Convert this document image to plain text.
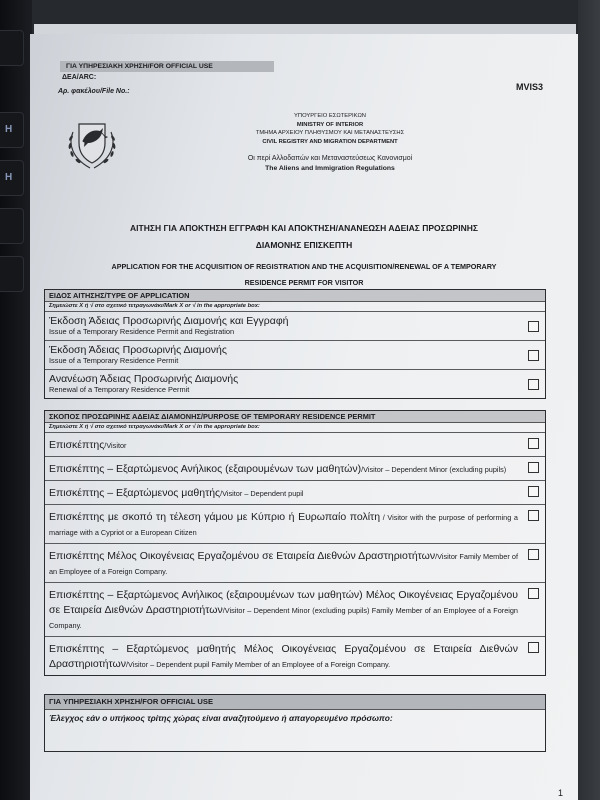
H
H
ΓΙΑ ΥΠΗΡΕΣΙΑΚΗ ΧΡΗΣΗ/FOR OFFICIAL USE
ΔΕΑ/ARC:
Αρ. φακέλου/File No.:	MVIS3
ΥΠΟΥΡΓΕΙΟ ΕΣΩΤΕΡΙΚΩΝ
MINISTRY OF INTERIOR
ΤΜΗΜΑ ΑΡΧΕΙΟΥ ΠΛΗΘΥΣΜΟΥ ΚΑΙ ΜΕΤΑΝΑΣΤΕΥΣΗΣ
CIVIL REGISTRY AND MIGRATION DEPARTMENT
Οι περί Αλλοδαπών και Μεταναστεύσεως Κανονισμοί
The Aliens and Immigration Regulations
ΑΙΤΗΣΗ ΓΙΑ ΑΠΟΚΤΗΣΗ ΕΓΓΡΑΦΗ ΚΑΙ ΑΠΟΚΤΗΣΗ/ΑΝΑΝΕΩΣΗ ΑΔΕΙΑΣ ΠΡΟΣΩΡΙΝΗΣ
ΔΙΑΜΟΝΗΣ ΕΠΙΣΚΕΠΤΗ
APPLICATION FOR THE ACQUISITION OF REGISTRATION AND THE ACQUISITION/RENEWAL OF A TEMPORARY
RESIDENCE PERMIT FOR VISITOR
ΕΙΔΟΣ ΑΙΤΗΣΗΣ/TYPE OF APPLICATION
Σημειώστε Χ ή √ στο σχετικό τετραγωνάκι/Mark X or √ in the appropriate box:
Έκδοση Άδειας Προσωρινής Διαμονής και Εγγραφή
Issue of a Temporary Residence Permit and Registration
Έκδοση Άδειας Προσωρινής Διαμονής
Issue of a Temporary Residence Permit
Ανανέωση Άδειας Προσωρινής Διαμονής
Renewal of a Temporary Residence Permit
ΣΚΟΠΟΣ ΠΡΟΣΩΡΙΝΗΣ ΑΔΕΙΑΣ ΔΙΑΜΟΝΗΣ/PURPOSE OF TEMPORARY RESIDENCE PERMIT
Σημειώστε Χ ή √ στο σχετικό τετραγωνάκι/Mark X or √ in the appropriate box:
Επισκέπτης/Visitor
Επισκέπτης – Εξαρτώμενος Ανήλικος (εξαιρουμένων των μαθητών)/Visitor – Dependent Minor (excluding pupils)
Επισκέπτης – Εξαρτώμενος μαθητής/Visitor – Dependent pupil
Επισκέπτης με σκοπό τη τέλεση γάμου με Κύπριο ή Ευρωπαίο πολίτη / Visitor with the purpose of performing a marriage with a Cypriot or a European Citizen
Επισκέπτης Μέλος Οικογένειας Εργαζομένου σε Εταιρεία Διεθνών Δραστηριοτήτων/Visitor Family Member of an Employee of a Foreign Company.
Επισκέπτης – Εξαρτώμενος Ανήλικος (εξαιρουμένων των μαθητών) Μέλος Οικογένειας Εργαζομένου σε Εταιρεία Διεθνών Δραστηριοτήτων/Visitor – Dependent Minor (excluding pupils) Family Member of an Employee of a Foreign Company.
Επισκέπτης – Εξαρτώμενος μαθητής Μέλος Οικογένειας Εργαζομένου σε Εταιρεία Διεθνών Δραστηριοτήτων/Visitor – Dependent pupil Family Member of an Employee of a Foreign Company.
ΓΙΑ ΥΠΗΡΕΣΙΑΚΗ ΧΡΗΣΗ/FOR OFFICIAL USE
Έλεγχος εάν ο υπήκοος τρίτης χώρας είναι αναζητούμενο ή απαγορευμένο πρόσωπο:
1
